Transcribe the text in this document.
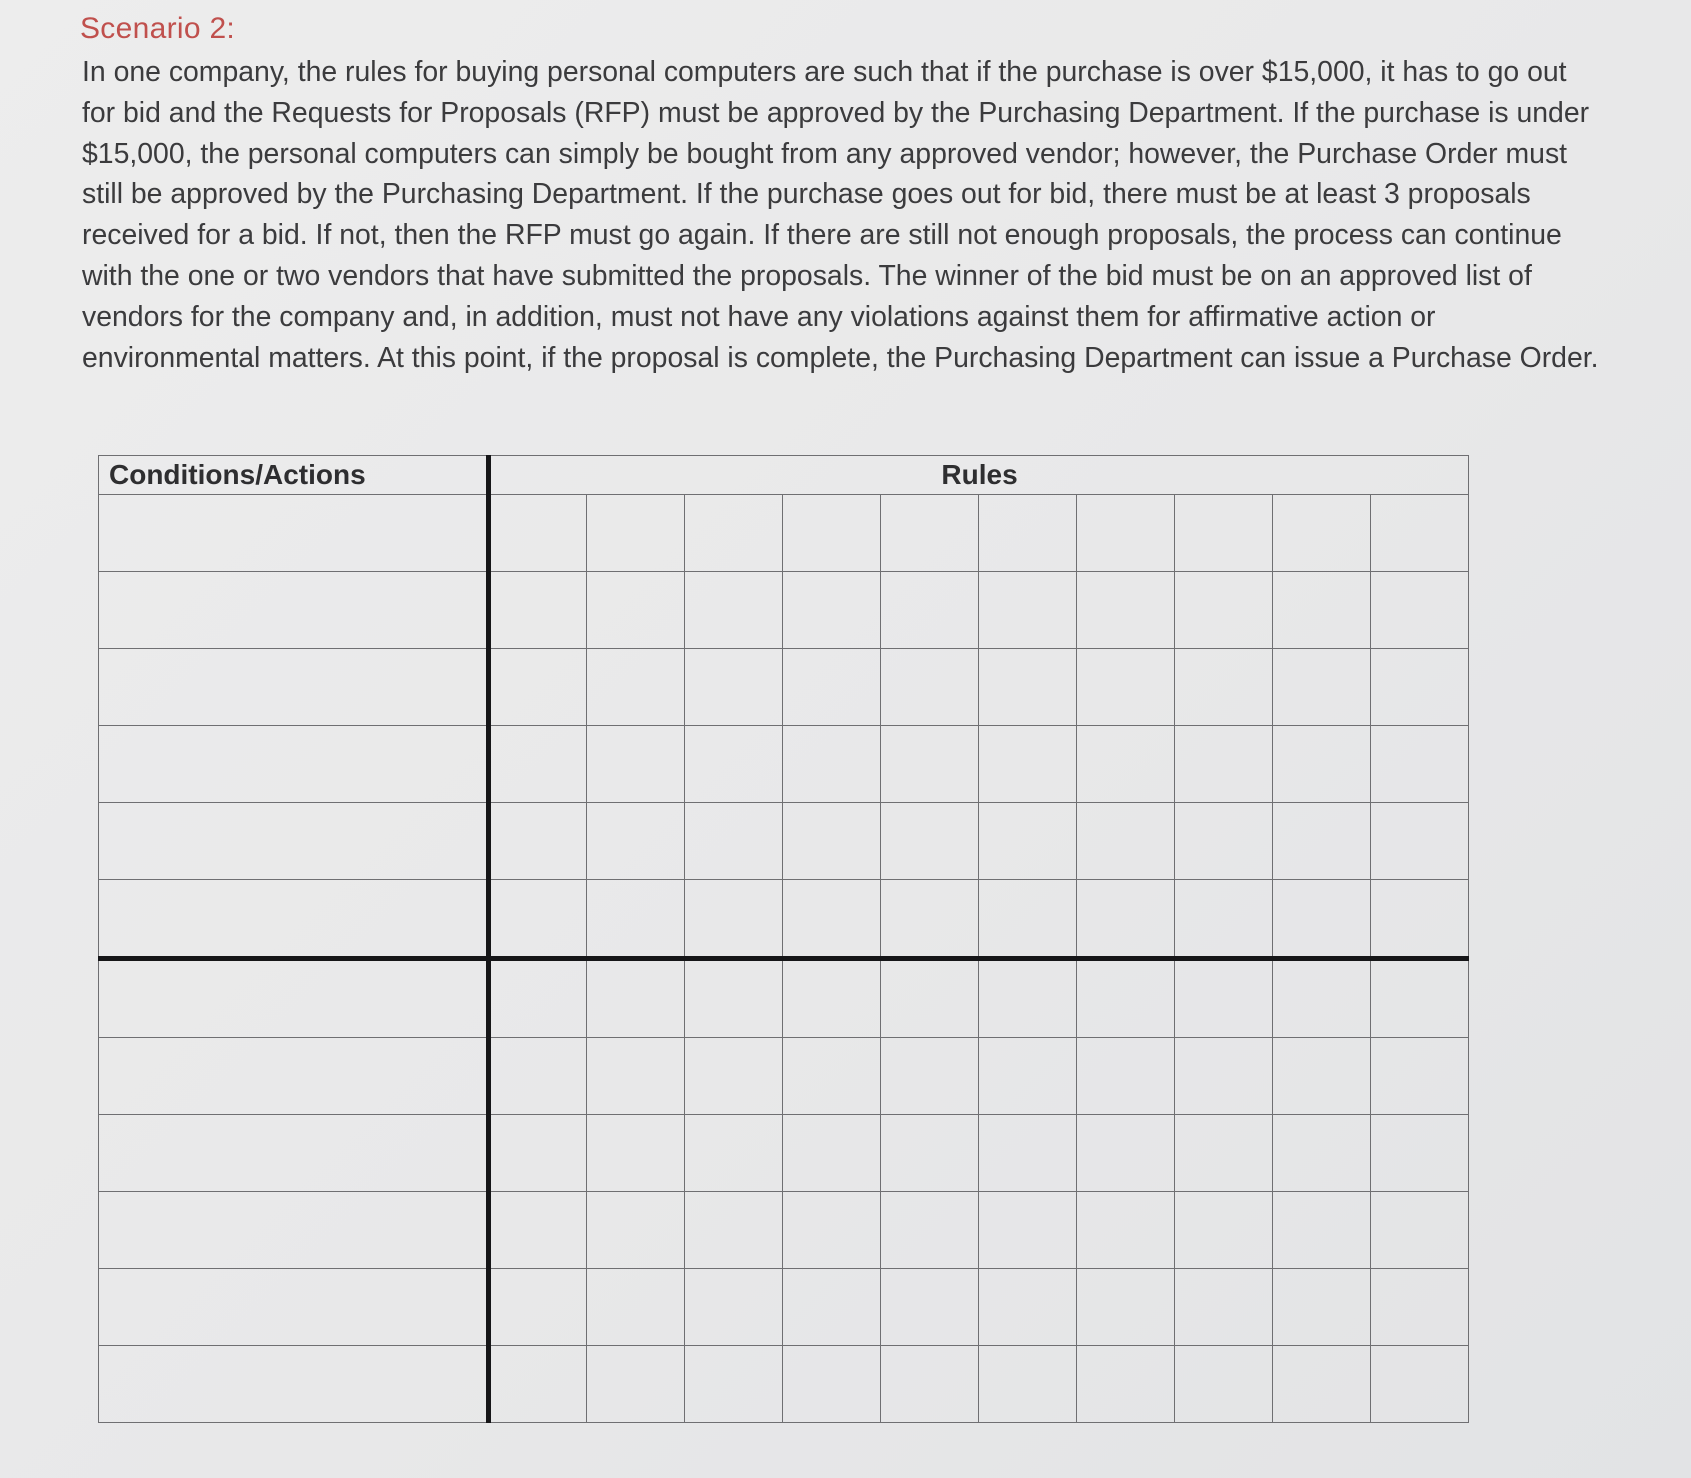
Scenario 2:

In one company, the rules for buying personal computers are such that if the purchase is over $15,000, it has to go out for bid and the Requests for Proposals (RFP) must be approved by the Purchasing Department. If the purchase is under $15,000, the personal computers can simply be bought from any approved vendor; however, the Purchase Order must still be approved by the Purchasing Department. If the purchase goes out for bid, there must be at least 3 proposals received for a bid. If not, then the RFP must go again. If there are still not enough proposals, the process can continue with the one or two vendors that have submitted the proposals. The winner of the bid must be on an approved list of vendors for the company and, in addition, must not have any violations against them for affirmative action or environmental matters. At this point, if the proposal is complete, the Purchasing Department can issue a Purchase Order.

Conditions/Actions	Rules									
